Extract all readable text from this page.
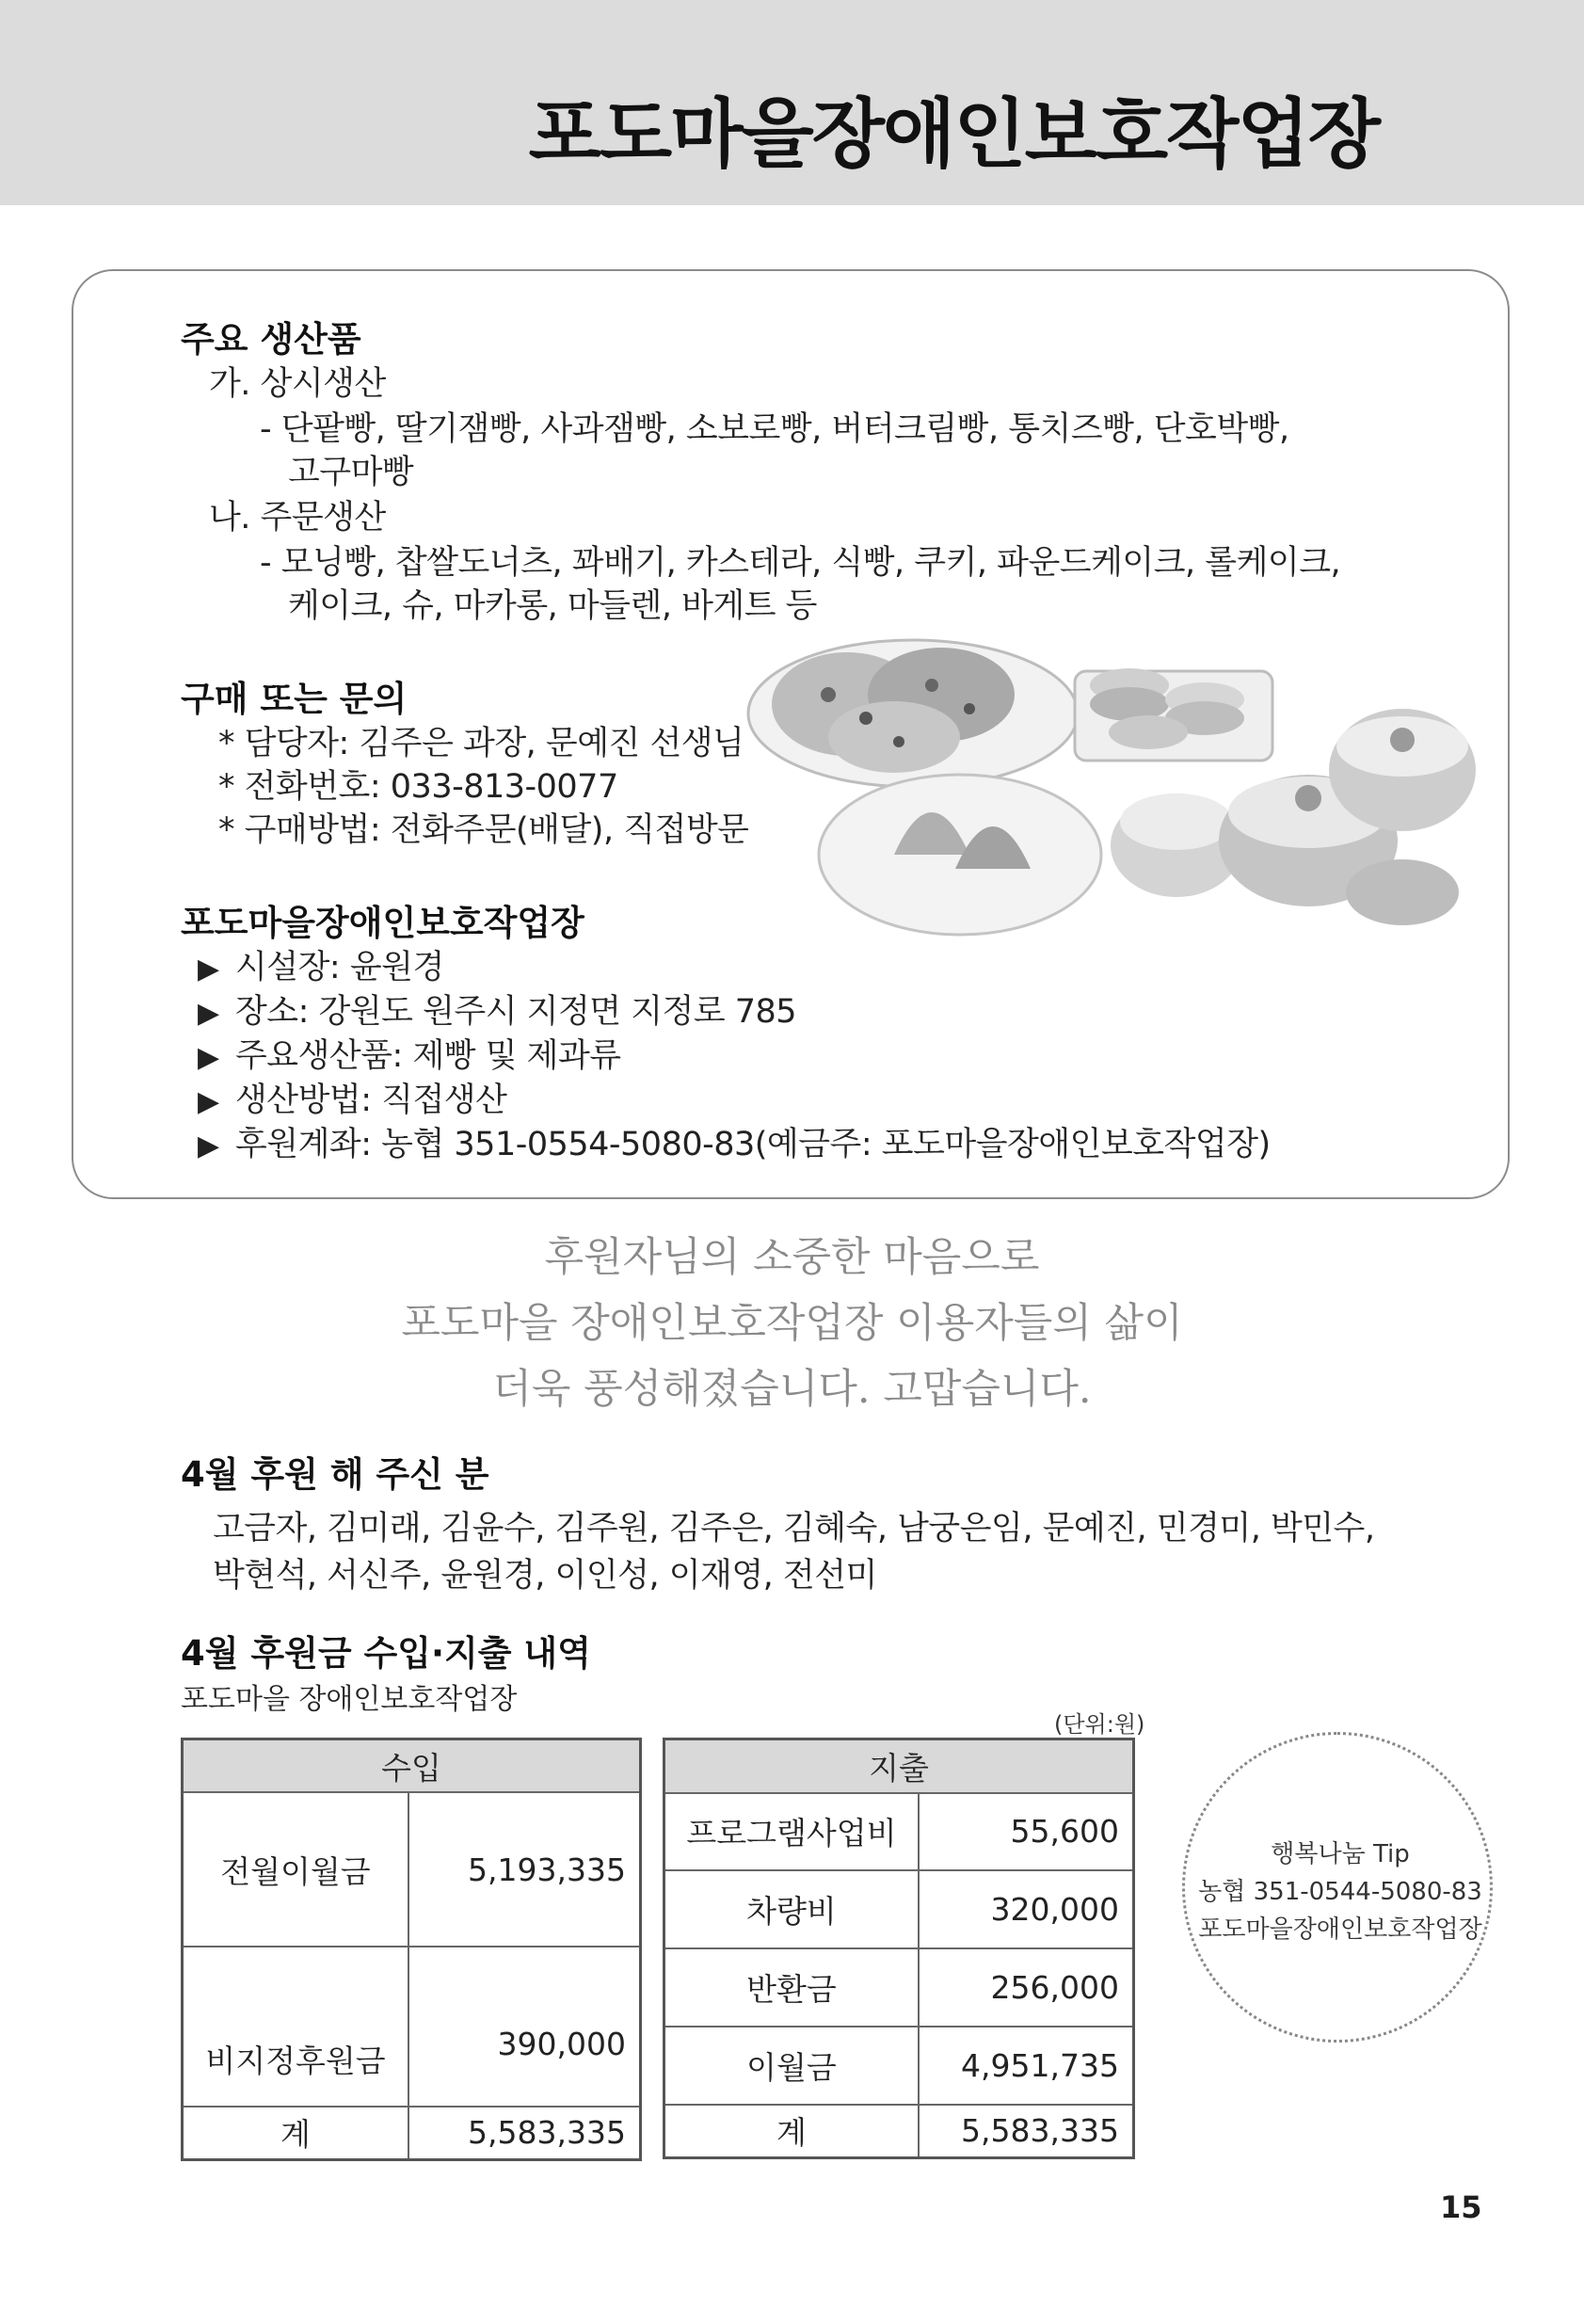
포도마을장애인보호작업장
주요 생산품
가. 상시생산
- 단팥빵, 딸기잼빵, 사과잼빵, 소보로빵, 버터크림빵, 통치즈빵, 단호박빵,
고구마빵
나. 주문생산
- 모닝빵, 찹쌀도너츠, 꽈배기, 카스테라, 식빵, 쿠키, 파운드케이크, 롤케이크,
케이크, 슈, 마카롱, 마들렌, 바게트 등
구매 또는 문의
* 담당자: 김주은 과장, 문예진 선생님
* 전화번호: 033-813-0077
* 구매방법: 전화주문(배달), 직접방문
포도마을장애인보호작업장
▶ 시설장: 윤원경
▶ 장소: 강원도 원주시 지정면 지정로 785
▶ 주요생산품: 제빵 및 제과류
▶ 생산방법: 직접생산
▶ 후원계좌: 농협 351-0554-5080-83(예금주: 포도마을장애인보호작업장)
후원자님의 소중한 마음으로
포도마을 장애인보호작업장 이용자들의 삶이
더욱 풍성해졌습니다. 고맙습니다.
4월 후원 해 주신 분
고금자, 김미래, 김윤수, 김주원, 김주은, 김혜숙, 남궁은임, 문예진, 민경미, 박민수,
박현석, 서신주, 윤원경, 이인성, 이재영, 전선미
4월 후원금 수입·지출 내역
포도마을 장애인보호작업장
(단위:원)
수입	
전월이월금	5,193,335
비지정후원금	390,000
계	5,583,335
지출	
프로그램사업비	55,600
차량비	320,000
반환금	256,000
이월금	4,951,735
계	5,583,335
행복나눔 Tip
농협 351-0544-5080-83
포도마을장애인보호작업장
15
